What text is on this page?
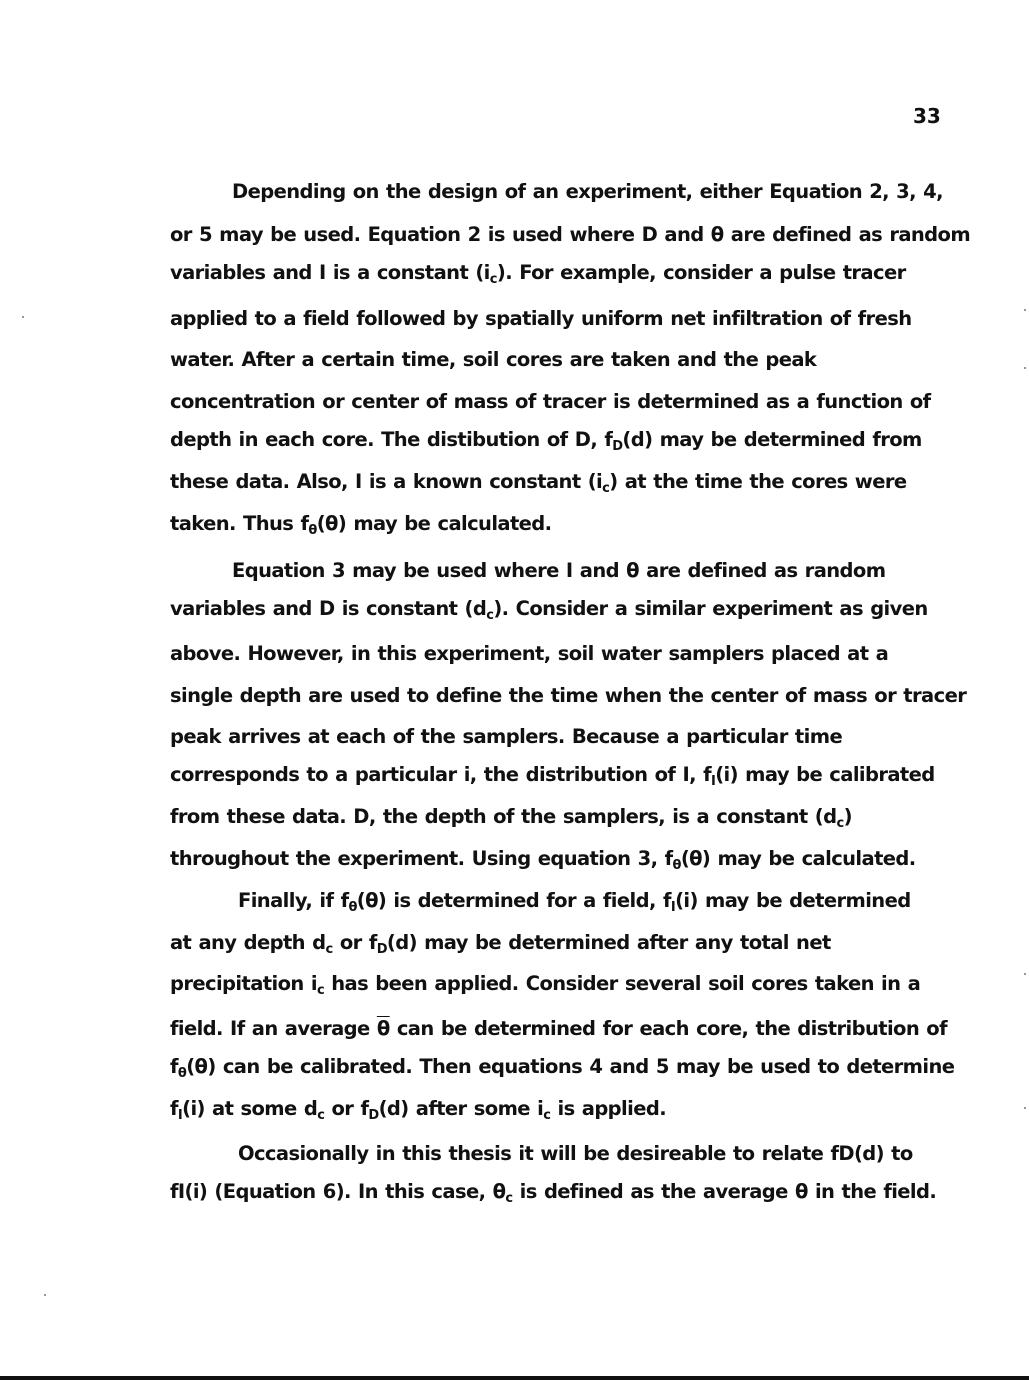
33
Depending on the design of an experiment, either Equation 2, 3, 4,
or 5 may be used. Equation 2 is used where D and θ are defined as random
variables and I is a constant $(i_c)$. For example, consider a pulse tracer
applied to a field followed by spatially uniform net infiltration of fresh
water. After a certain time, soil cores are taken and the peak
concentration or center of mass of tracer is determined as a function of
depth in each core. The distibution of D, $f_D(d)$ may be determined from
these data. Also, I is a known constant $(i_c)$ at the time the cores were
taken. Thus $f_\theta(\theta)$ may be calculated.
Equation 3 may be used where I and θ are defined as random
variables and D is constant $(d_c)$. Consider a similar experiment as given
above. However, in this experiment, soil water samplers placed at a
single depth are used to define the time when the center of mass or tracer
peak arrives at each of the samplers. Because a particular time
corresponds to a particular i, the distribution of I, $f_I(i)$ may be calibrated
from these data. D, the depth of the samplers, is a constant $(d_c)$
throughout the experiment. Using equation 3, $f_\theta(\theta)$ may be calculated.
Finally, if $f_\theta(\theta)$ is determined for a field, $f_I(i)$ may be determined
at any depth $d_c$ or $f_D(d)$ may be determined after any total net
precipitation $i_c$ has been applied. Consider several soil cores taken in a
field. If an average $\overline{\theta}$ can be determined for each core, the distribution of
$f_\theta(\theta)$ can be calibrated. Then equations 4 and 5 may be used to determine
$f_I(i)$ at some $d_c$ or $f_D(d)$ after some $i_c$ is applied.
Occasionally in this thesis it will be desireable to relate fD(d) to
fI(i) (Equation 6). In this case, $\theta_c$ is defined as the average θ in the field.
